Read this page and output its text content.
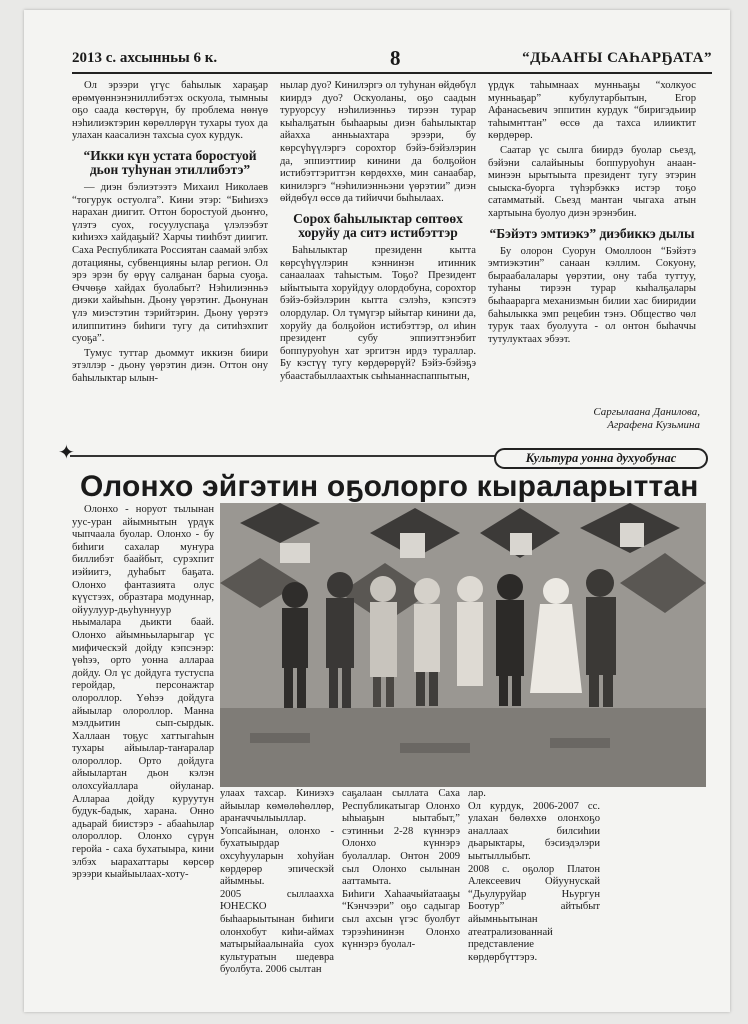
2013 с. ахсынньы 6 к.	8	“ДЬААҤЫ САҺАРҔАТА”

Ол эрээри үгүс баһылык хараҕар өрөмүөннэнэниллибэтэх оскуола, тымныы оҕо саада көстөрүн, бу проблема нөнүө нэһилиэктэрин көрөллөрүн тухары туох да улахан каасалиэн тахсыа суох курдук.

“Икки күн устата боростуой дьон туһунан этиллибэтэ”

— диэн бэлиэтээтэ Михаил Николаев “тогурук остуолга”. Кини этэр: “Биһиэхэ нарахан диигит. Оттон боростуой дьоҥҥо, үлэтэ суох, госуулуспаҕа үлэлээбэт киһиэхэ хайдаҕый? Харчы тииһбэт диигит. Саха Республиката Россиятан саамай элбэх дотацияны, субвенцияны ылар регион. Ол эрэ эрэн бу өрүү салҕанан барыа суоҕа. Өччөҕө хайдах буолабыт? Нэһилиэнньэ диэки хайыһын. Дьону үөрэтиҥ. Дьонунан үлэ миэстэтин тэрийтэрин. Дьону үөрэтэ илиппитинэ биһиги тугу да ситиһэхпит суоҕа”.

Тумус туттар дьоммут иккиэн биири этэллэр - дьону үөрэтин диэн. Оттон ону баһылыктар ылын-

нылар дуо? Кинилэргэ ол туһунан өйдөбүл киирдэ дуо? Оскуоланы, оҕо саадын туруорсуу нэһилиэнньэ тирээн турар кыһалҕатын быһаарыы диэн баһылыктар айахха анньыахтара эрээри, бу көрсүһүүлэргэ сорохтор бэйэ-бэйэлэрин да, эппиэттиир кинини да болҕойон истибэттэриттэн көрдөххө, мин санаабар, кинилэргэ “нэһилиэнньэни үөрэтии” диэн өйдөбүл өссө да тийиччи быһылаах.

Сорох баһылыктар сөптөөх хоруйу да ситэ истибэттэр

Баһылыктар президенн кытта көрсүһүүлэрин кэннинэн итинник санаалаах таһыстым. Тоҕо? Президент ыйытыыта хоруйдуу олордобуна, сорохтор бэйэ-бэйэлэрин кытта сэлэһэ, кэпсэтэ олордулар. Ол түмүгэр ыйытар кинини да, хоруйу да болҕойон истибэттэр, ол иһин президент субу эппиэттэнэбит боппуруоһун хат эргитэн ирдэ тураллар. Бу кэстүү тугу көрдөрөрүй? Бэйэ-бэйэҕэ убаастабыллаахтык сыһыаннаспаппытын,

үрдүк таһымнаах мунньаҕы “холкуос мунньаҕар” кубулутарбытын, Егор Афанасьевич эппитин курдук “биригэдьиир таһымнттан” өссө да тахса илииктит көрдөрөр.

Саатар үс сылга биирдэ буолар сьезд, бэйэни салайыныы боппуруоһун анаан-минээн ырытыыта президент тугу этэрин сыыска-буорга түһэрбэккэ истэр тоҕо сатамматый. Сьезд мантан чыгаха атын хартыына буолуо диэн эрэнэбин.

“Бэйэтэ эмтиэкэ” диэбиккэ дылы

Бу олорон Суорун Омоллоон “Бэйэтэ эмтиэкэтин” санаан кэллим. Сокуону, быраабалалары үөрэтии, ону таба туттуу, туһаны тирээн турар кыһалҕалары быһаарарга механизмын билии хас бииридии баһылыкка эмп рецебин тэнэ. Общество чөл турук таах буолуута - ол онтон быһаччы тутулуктаах эбээт.

Саргылаана Данилова,
Аграфена Кузьмина
✦	Культура уонна духуобунас
Олонхо эйгэтин оҕолорго кыраларыттан

Олонхо - норуот тылынан уус-уран айымнытын үрдүк чыпчаала буолар. Олонхо - бу биһиги сахалар муҥура биллибэт баайбыт, сурэхпит иэйиитэ, дуһабыт баҕата. Олонхо фантазията олус күүстээх, образтара модуннар, ойуулуур-дьуһуннуур ньымалара дьикти баай. Олонхо айымньыларыгар үс мифическэй дойду кэпсэнэр: үөһээ, орто уонна аллараа дойду. Ол үс дойдуга тустуспа геройдар, персонажтар олороллор. Үөһээ дойдуга айыылар олороллор. Манна мэлдьитин сып-сырдык. Халлаан тоҕус хаттыгаһын тухары айыылар-таҥаралар олороллор. Орто дойдуга айыылартан дьон кэлэн олохсуйаллара ойуланар. Аллараа дойду куруутун будук-бадык, харана. Онно адьарай биистэрэ - абааһылар олороллор. Олонхо сүрүн геройа - саха бухатыыра, кини элбэх ыарахаттары көрсөр эрээри кыайыылаах-хоту-

улаах тахсар. Киниэхэ айыылар көмөлөһөллөр, араҥаччылыыллар. Уопсайынан, олонхо - бухатыырдар охсуһууларын хоһуйан көрдөрөр эпическэй айымньы.
2005 сыллааххa ЮНЕСКО быһаарыытынан биһиги олонхобут киһи-аймах матырыйаалынайа суох культуратын шедевра буолбута. 2006 сылтан

саҕалаан сыллата Саха Республикатыгар Олонхо ыһыаҕын ыытабыт,” сэтинньи 2-28 күннэрэ Олонхо күннэрэ буолаллар. Онтон 2009 сыл Олонхо сылынан ааттамыта.
Биһиги Хаһаачыйатааҕы “Кэнчээри” оҕо садыгар сыл ахсын үгэс буолбут тэрээһининэн Олонхо күннэрэ буолал-

лар.
Ол курдук, 2006-2007 сс. улахан бөлөххө олонхоҕо аналлаах билсиһии дьарыктары, бэсиэдэлэри ыытыллыбыт.
2008 с. оҕолор Платон Алексеевич Ойуунускай “Дьулуруйар Ньургун Боотур” айтыбыт айымньытынан атеатрализованнай представление көрдөрбүттэрэ.
